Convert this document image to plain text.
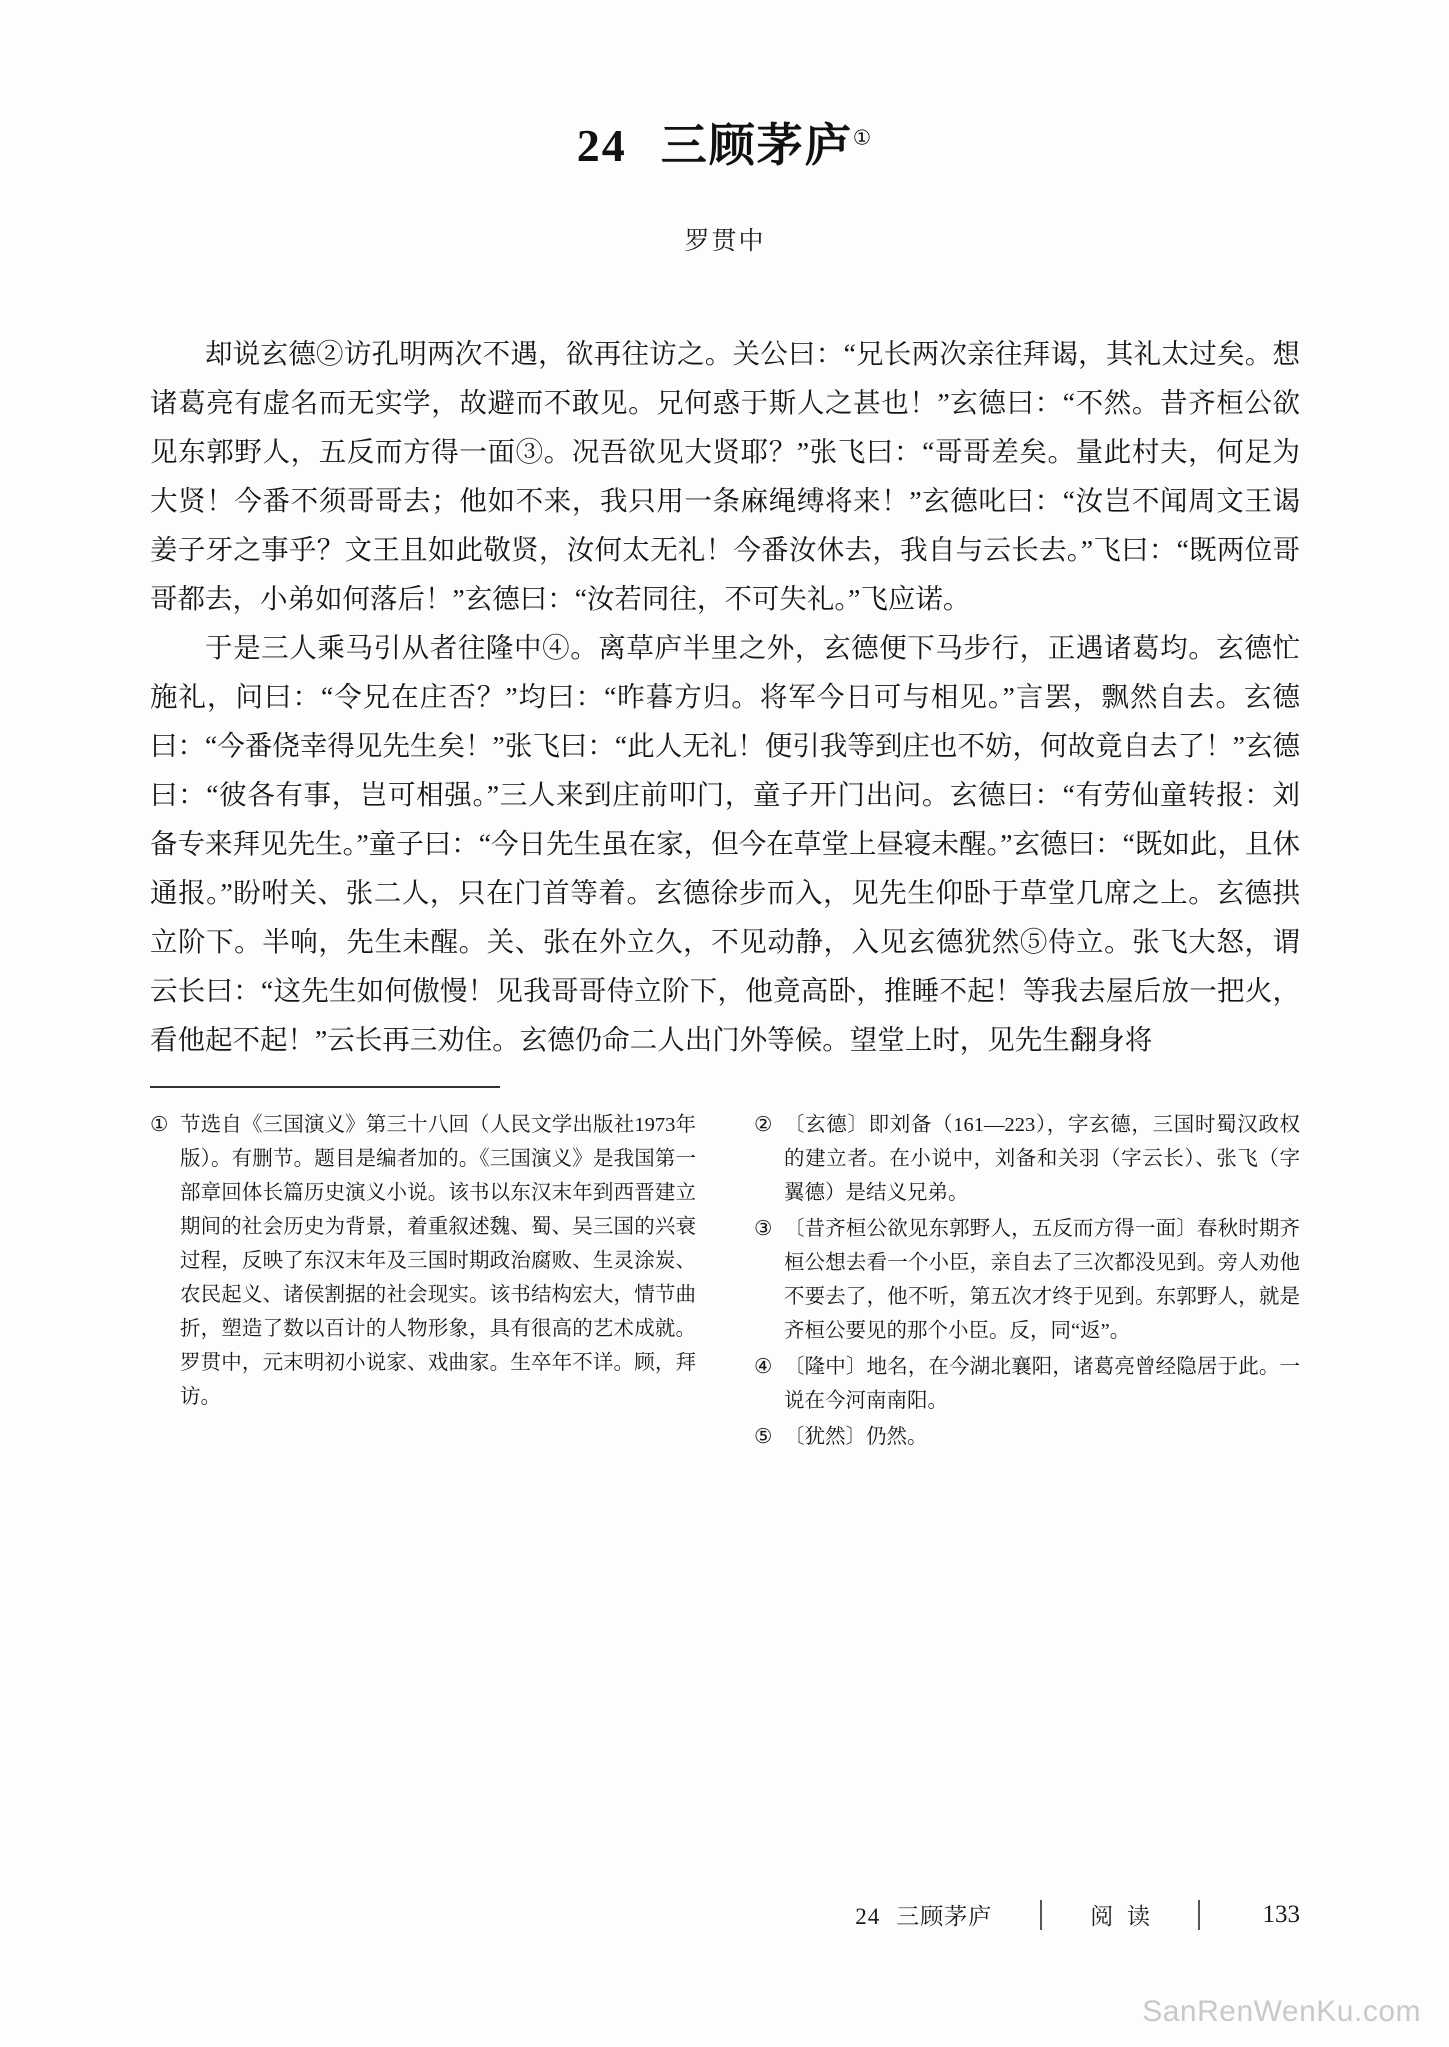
24 三顾茅庐①
罗贯中

却说玄德②访孔明两次不遇，欲再往访之。关公曰：“兄长两次亲往拜谒，其礼太过矣。想诸葛亮有虚名而无实学，故避而不敢见。兄何惑于斯人之甚也！”玄德曰：“不然。昔齐桓公欲见东郭野人，五反而方得一面③。况吾欲见大贤耶？”张飞曰：“哥哥差矣。量此村夫，何足为大贤！今番不须哥哥去；他如不来，我只用一条麻绳缚将来！”玄德叱曰：“汝岂不闻周文王谒姜子牙之事乎？文王且如此敬贤，汝何太无礼！今番汝休去，我自与云长去。”飞曰：“既两位哥哥都去，小弟如何落后！”玄德曰：“汝若同往，不可失礼。”飞应诺。

于是三人乘马引从者往隆中④。离草庐半里之外，玄德便下马步行，正遇诸葛均。玄德忙施礼，问曰：“令兄在庄否？”均曰：“昨暮方归。将军今日可与相见。”言罢，飘然自去。玄德曰：“今番侥幸得见先生矣！”张飞曰：“此人无礼！便引我等到庄也不妨，何故竟自去了！”玄德曰：“彼各有事，岂可相强。”三人来到庄前叩门，童子开门出问。玄德曰：“有劳仙童转报：刘备专来拜见先生。”童子曰：“今日先生虽在家，但今在草堂上昼寝未醒。”玄德曰：“既如此，且休通报。”盼咐关、张二人，只在门首等着。玄德徐步而入，见先生仰卧于草堂几席之上。玄德拱立阶下。半响，先生未醒。关、张在外立久，不见动静，入见玄德犹然⑤侍立。张飞大怒，谓云长曰：“这先生如何傲慢！见我哥哥侍立阶下，他竟高卧，推睡不起！等我去屋后放一把火，看他起不起！”云长再三劝住。玄德仍命二人出门外等候。望堂上时，见先生翻身将

① 节选自《三国演义》第三十八回（人民文学出版社1973年版）。有删节。题目是编者加的。《三国演义》是我国第一部章回体长篇历史演义小说。该书以东汉末年到西晋建立期间的社会历史为背景，着重叙述魏、蜀、吴三国的兴衰过程，反映了东汉末年及三国时期政治腐败、生灵涂炭、农民起义、诸侯割据的社会现实。该书结构宏大，情节曲折，塑造了数以百计的人物形象，具有很高的艺术成就。罗贯中，元末明初小说家、戏曲家。生卒年不详。顾，拜访。
② 〔玄德〕即刘备（161—223），字玄德，三国时蜀汉政权的建立者。在小说中，刘备和关羽（字云长）、张飞（字翼德）是结义兄弟。
③ 〔昔齐桓公欲见东郭野人，五反而方得一面〕春秋时期齐桓公想去看一个小臣，亲自去了三次都没见到。旁人劝他不要去了，他不听，第五次才终于见到。东郭野人，就是齐桓公要见的那个小臣。反，同“返”。
④ 〔隆中〕地名，在今湖北襄阳，诸葛亮曾经隐居于此。一说在今河南南阳。
⑤ 〔犹然〕仍然。
24 三顾茅庐	阅 读	133
SanRenWenKu.com
